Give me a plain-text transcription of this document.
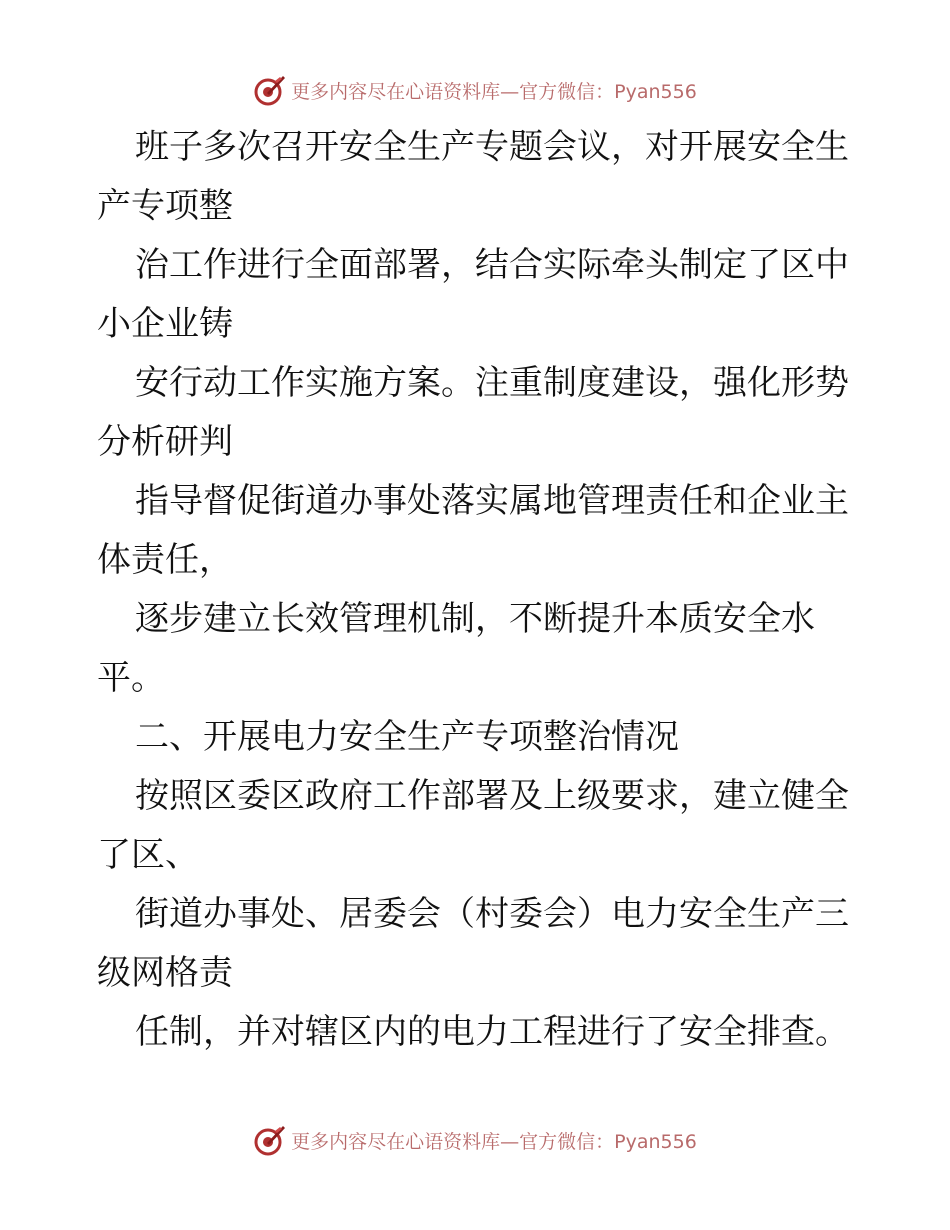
更多内容尽在心语资料库—官方微信：Pyan556
班子多次召开安全生产专题会议，对开展安全生
产专项整
治工作进行全面部署，结合实际牵头制定了区中
小企业铸
安行动工作实施方案。注重制度建设，强化形势
分析研判
指导督促街道办事处落实属地管理责任和企业主
体责任，
逐步建立长效管理机制，不断提升本质安全水
平。
二、开展电力安全生产专项整治情况
按照区委区政府工作部署及上级要求，建立健全
了区、
街道办事处、居委会（村委会）电力安全生产三
级网格责
任制，并对辖区内的电力工程进行了安全排查。
更多内容尽在心语资料库—官方微信：Pyan556
